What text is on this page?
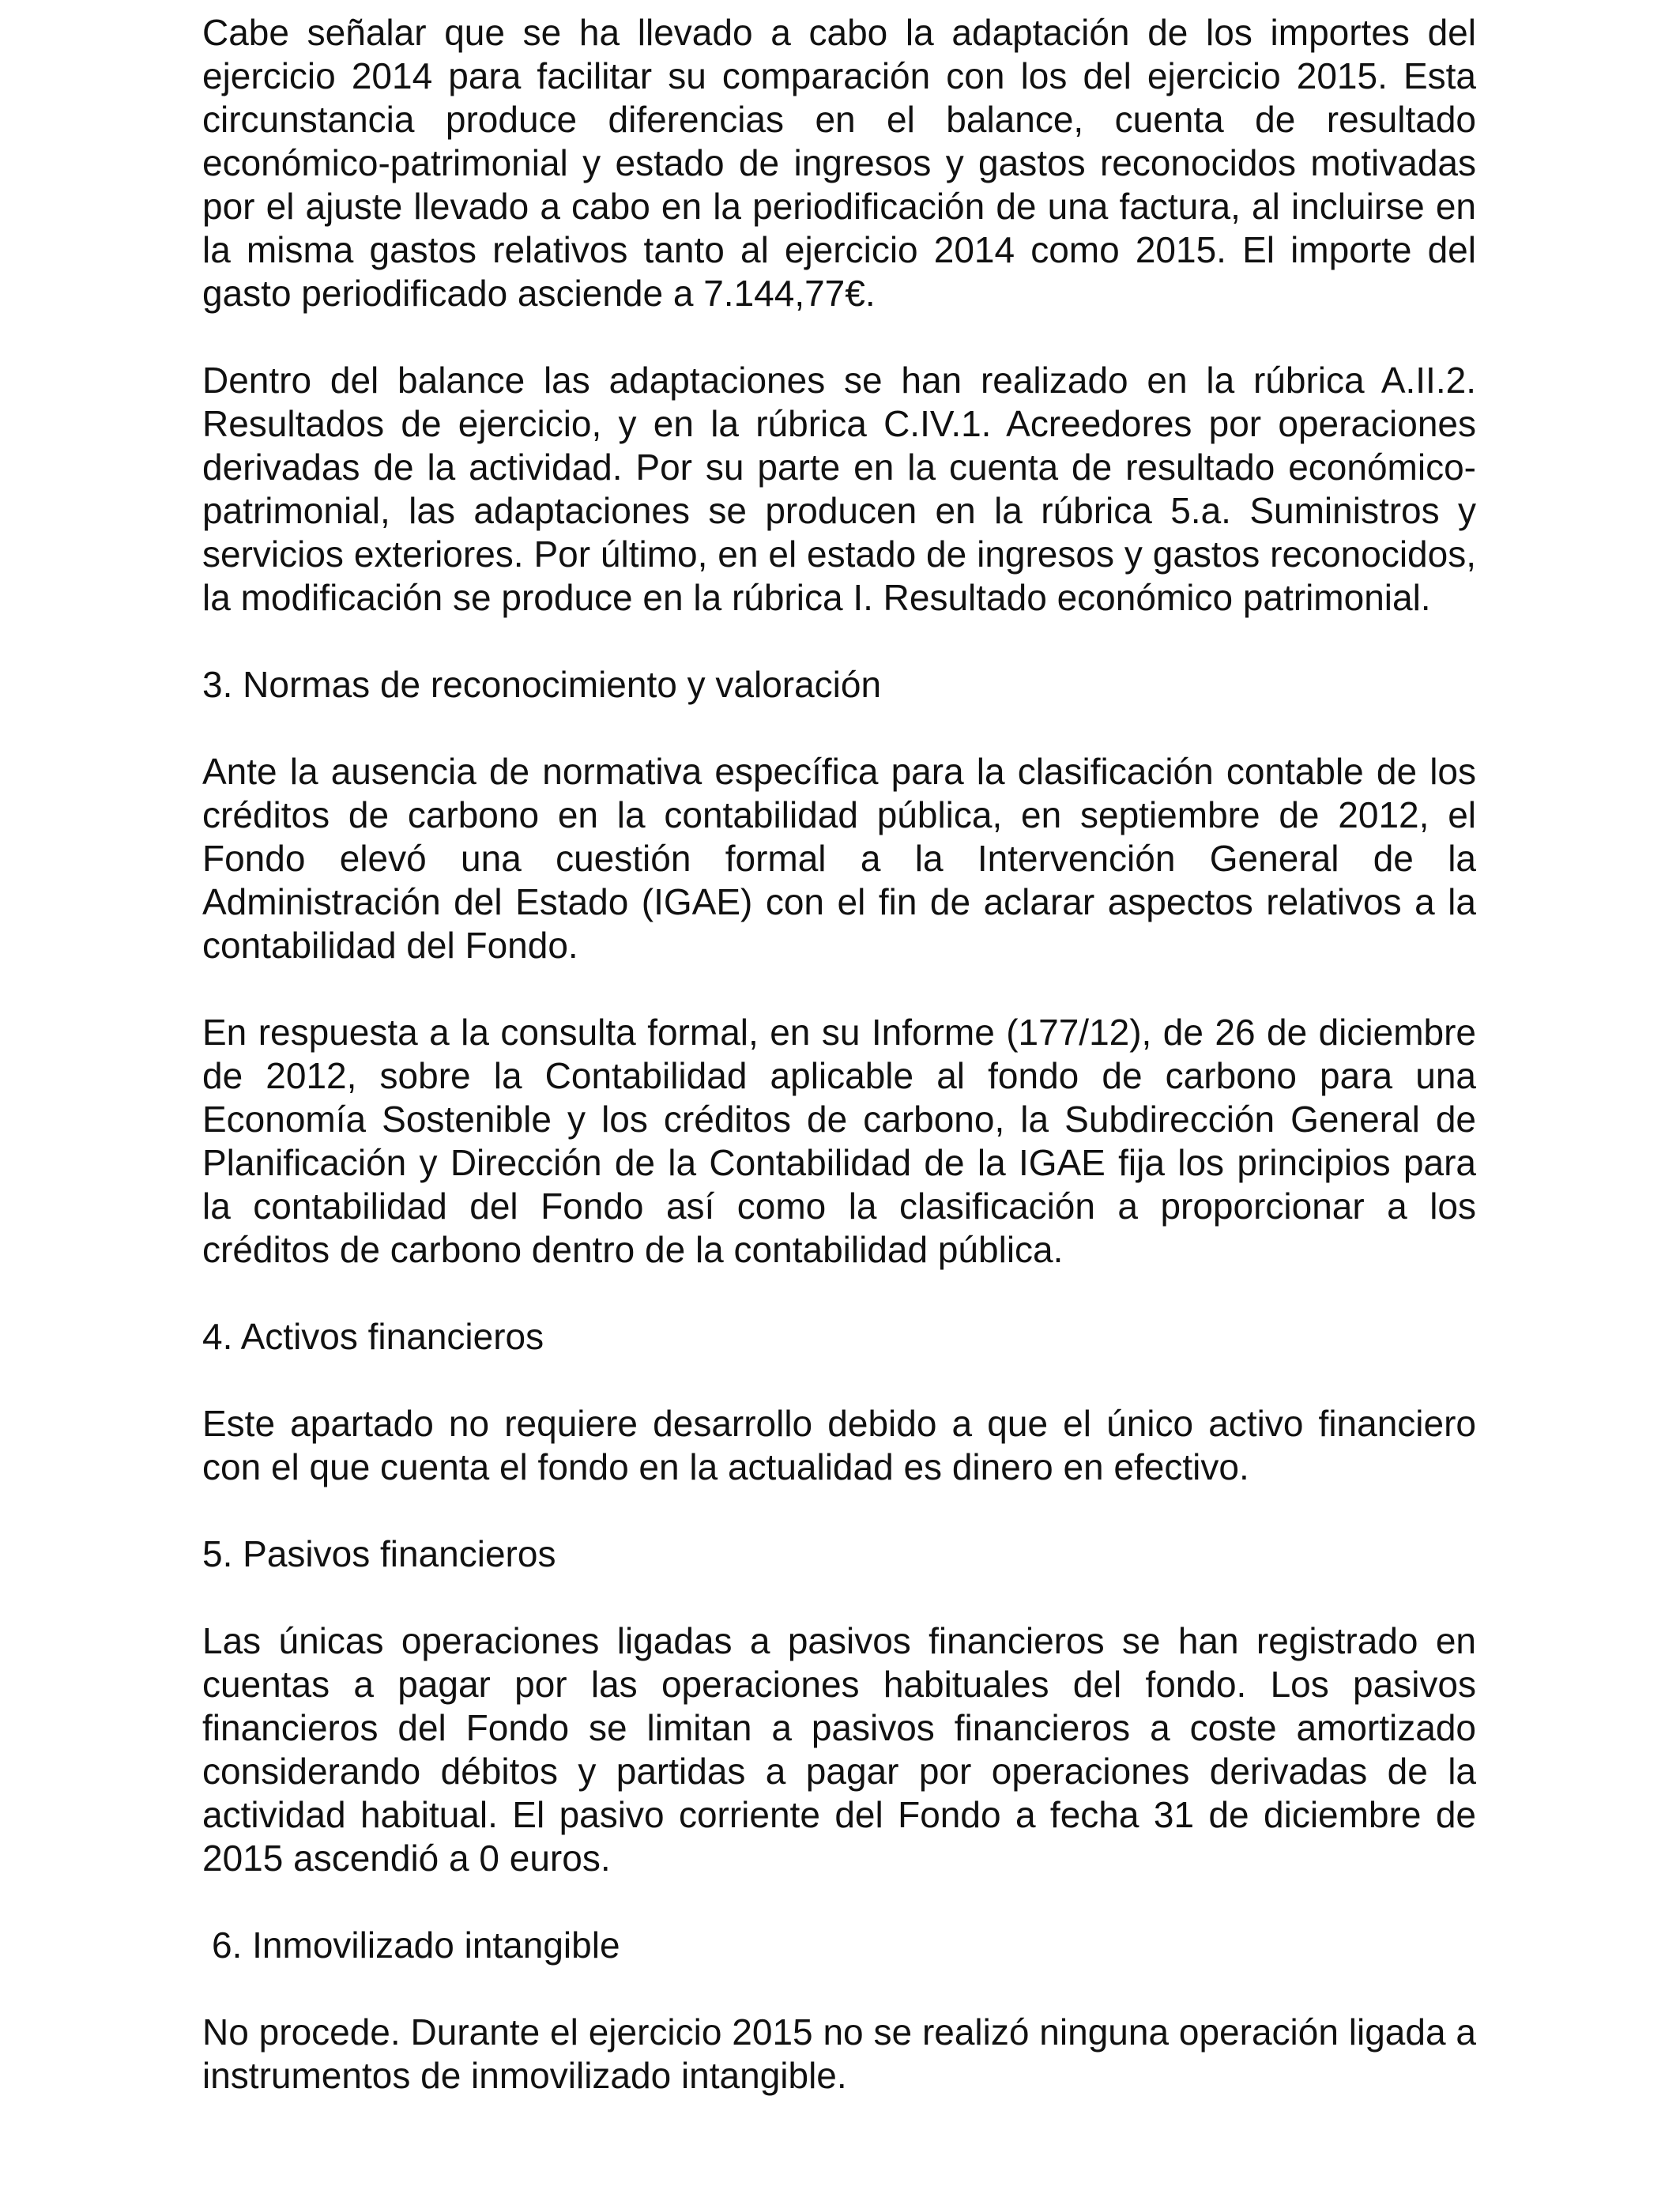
Cabe señalar que se ha llevado a cabo la adaptación de los importes del ejercicio 2014 para facilitar su comparación con los del ejercicio 2015. Esta circunstancia produce diferencias en el balance, cuenta de resultado económico-patrimonial y estado de ingresos y gastos reconocidos motivadas por el ajuste llevado a cabo en la periodificación de una factura, al incluirse en la misma gastos relativos tanto al ejercicio 2014 como 2015. El importe del gasto periodificado asciende a 7.144,77€.

Dentro del balance las adaptaciones se han realizado en la rúbrica A.II.2. Resultados de ejercicio, y en la rúbrica C.IV.1. Acreedores por operaciones derivadas de la actividad. Por su parte en la cuenta de resultado económico-patrimonial, las adaptaciones se producen en la rúbrica 5.a. Suministros y servicios exteriores. Por último, en el estado de ingresos y gastos reconocidos, la modificación se produce en la rúbrica I. Resultado económico patrimonial.

3. Normas de reconocimiento y valoración

Ante la ausencia de normativa específica para la clasificación contable de los créditos de carbono en la contabilidad pública, en septiembre de 2012, el Fondo elevó una cuestión formal a la Intervención General de la Administración del Estado (IGAE) con el fin de aclarar aspectos relativos a la contabilidad del Fondo.

En respuesta a la consulta formal, en su Informe (177/12), de 26 de diciembre de 2012, sobre la Contabilidad aplicable al fondo de carbono para una Economía Sostenible y los créditos de carbono, la Subdirección General de Planificación y Dirección de la Contabilidad de la IGAE fija los principios para la contabilidad del Fondo así como la clasificación a proporcionar a los créditos de carbono dentro de la contabilidad pública.

4. Activos financieros

Este apartado no requiere desarrollo debido a que el único activo financiero con el que cuenta el fondo en la actualidad es dinero en efectivo.

5. Pasivos financieros

Las únicas operaciones ligadas a pasivos financieros se han registrado en cuentas a pagar por las operaciones habituales del fondo. Los pasivos financieros del Fondo se limitan a pasivos financieros a coste amortizado considerando débitos y partidas a pagar por operaciones derivadas de la actividad habitual. El pasivo corriente del Fondo a fecha 31 de diciembre de 2015 ascendió a 0 euros.

6. Inmovilizado intangible

No procede. Durante el ejercicio 2015 no se realizó ninguna operación ligada a instrumentos de inmovilizado intangible.
